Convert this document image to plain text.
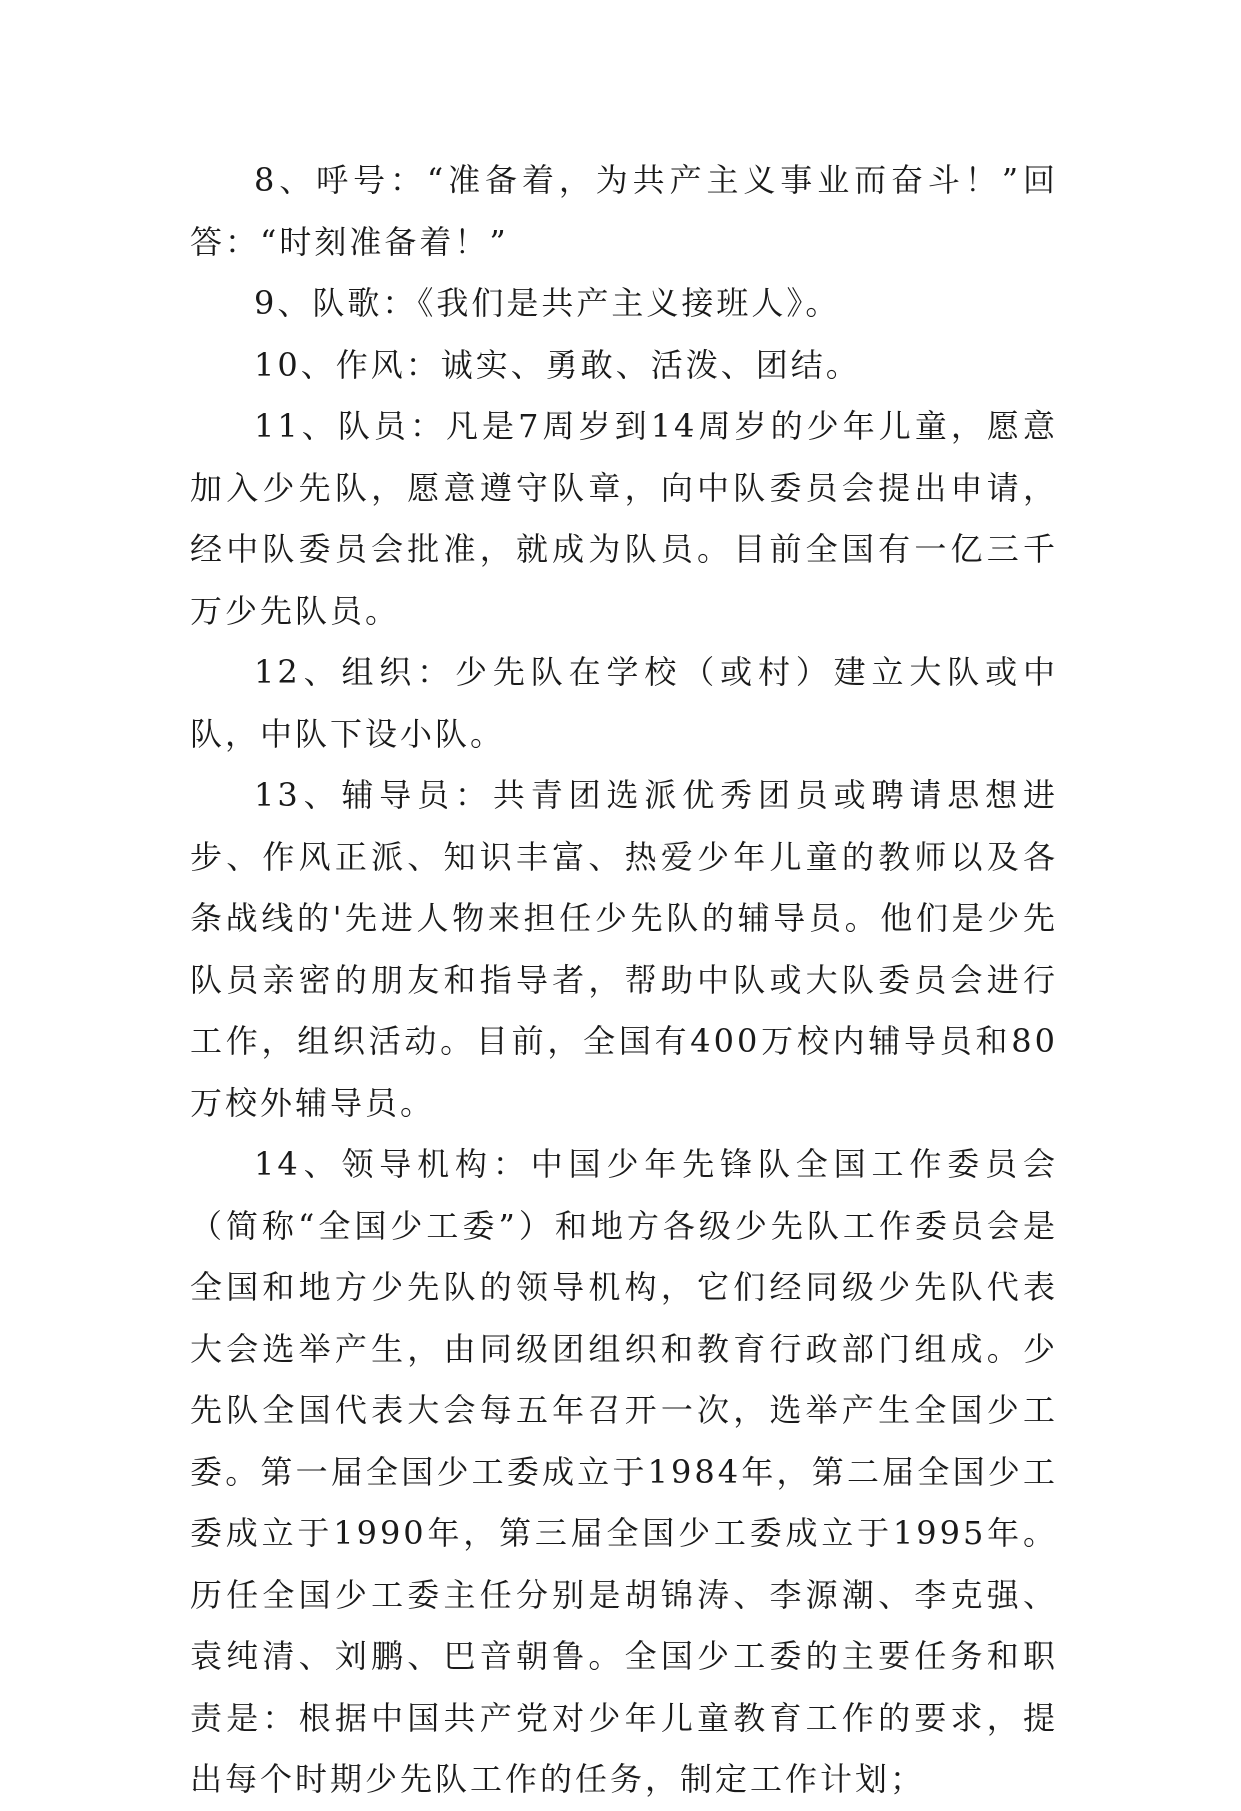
8、呼号：“准备着，为共产主义事业而奋斗！”回答：“时刻准备着！”

9、队歌：《我们是共产主义接班人》。

10、作风：诚实、勇敢、活泼、团结。

11、队员：凡是7周岁到14周岁的少年儿童，愿意加入少先队，愿意遵守队章，向中队委员会提出申请，经中队委员会批准，就成为队员。目前全国有一亿三千万少先队员。

12、组织：少先队在学校（或村）建立大队或中队，中队下设小队。

13、辅导员：共青团选派优秀团员或聘请思想进步、作风正派、知识丰富、热爱少年儿童的教师以及各条战线的'先进人物来担任少先队的辅导员。他们是少先队员亲密的朋友和指导者，帮助中队或大队委员会进行工作，组织活动。目前，全国有400万校内辅导员和80万校外辅导员。

14、领导机构：中国少年先锋队全国工作委员会（简称“全国少工委”）和地方各级少先队工作委员会是全国和地方少先队的领导机构，它们经同级少先队代表大会选举产生，由同级团组织和教育行政部门组成。少先队全国代表大会每五年召开一次，选举产生全国少工委。第一届全国少工委成立于1984年，第二届全国少工委成立于1990年，第三届全国少工委成立于1995年。历任全国少工委主任分别是胡锦涛、李源潮、李克强、袁纯清、刘鹏、巴音朝鲁。全国少工委的主要任务和职责是：根据中国共产党对少年儿童教育工作的要求，提出每个时期少先队工作的任务，制定工作计划；
